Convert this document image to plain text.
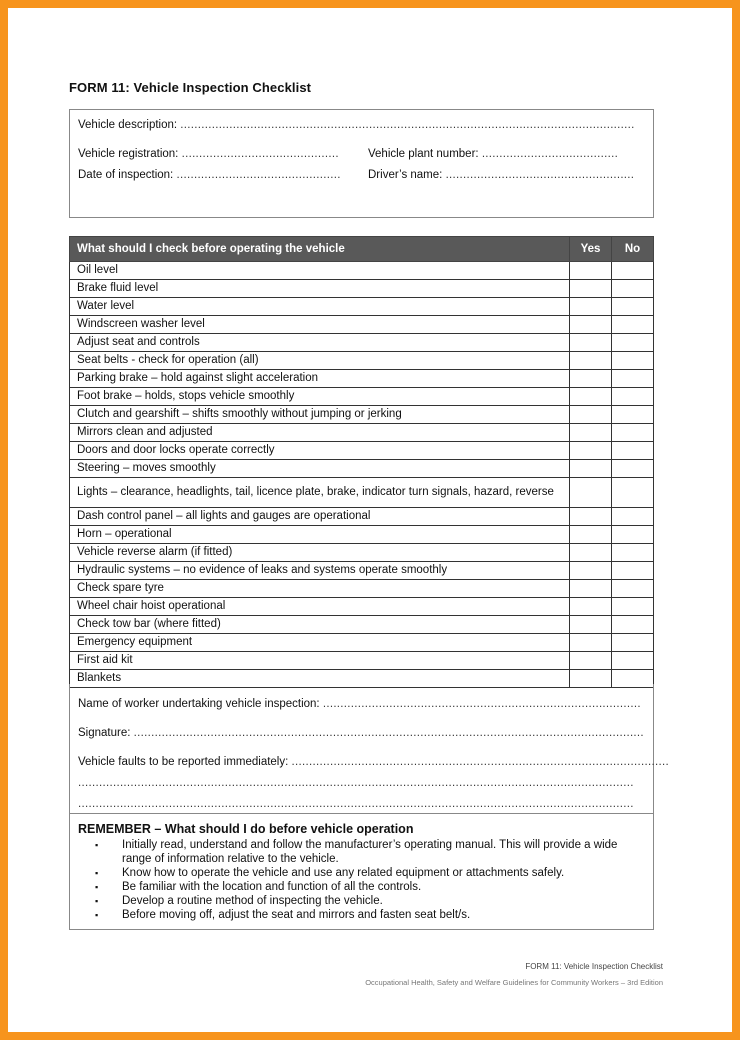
FORM 11: Vehicle Inspection Checklist
Vehicle description: ..................................................................................................................................
Vehicle registration: .............................................	Vehicle plant number: .......................................
Date of inspection: ............................................... Driver’s name: ......................................................
What should I check before operating the vehicle	Yes	No
Oil level		
Brake fluid level		
Water level		
Windscreen washer level		
Adjust seat and controls		
Seat belts - check for operation (all)		
Parking brake – hold against slight acceleration		
Foot brake – holds, stops vehicle smoothly		
Clutch and gearshift – shifts smoothly without jumping or jerking		
Mirrors clean and adjusted		
Doors and door locks operate correctly		
Steering – moves smoothly		
Lights – clearance, headlights, tail, licence plate, brake, indicator turn signals, hazard, reverse		
Dash control panel – all lights and gauges are operational		
Horn – operational		
Vehicle reverse alarm (if fitted)		
Hydraulic systems – no evidence of leaks and systems operate smoothly		
Check spare tyre		
Wheel chair hoist operational		
Check tow bar (where fitted)		
Emergency equipment		
First aid kit		
Blankets		
Name of worker undertaking vehicle inspection: ...........................................................................................
Signature: ..................................................................................................................................................
Vehicle faults to be reported immediately: ............................................................................................................
...............................................................................................................................................................
...............................................................................................................................................................
REMEMBER – What should I do before vehicle operation
▪ Initially read, understand and follow the manufacturer’s operating manual. This will provide a wide range of information relative to the vehicle.
▪ Know how to operate the vehicle and use any related equipment or attachments safely.
▪ Be familiar with the location and function of all the controls.
▪ Develop a routine method of inspecting the vehicle.
▪ Before moving off, adjust the seat and mirrors and fasten seat belt/s.
FORM 11: Vehicle Inspection Checklist
Occupational Health, Safety and Welfare Guidelines for Community Workers – 3rd Edition
